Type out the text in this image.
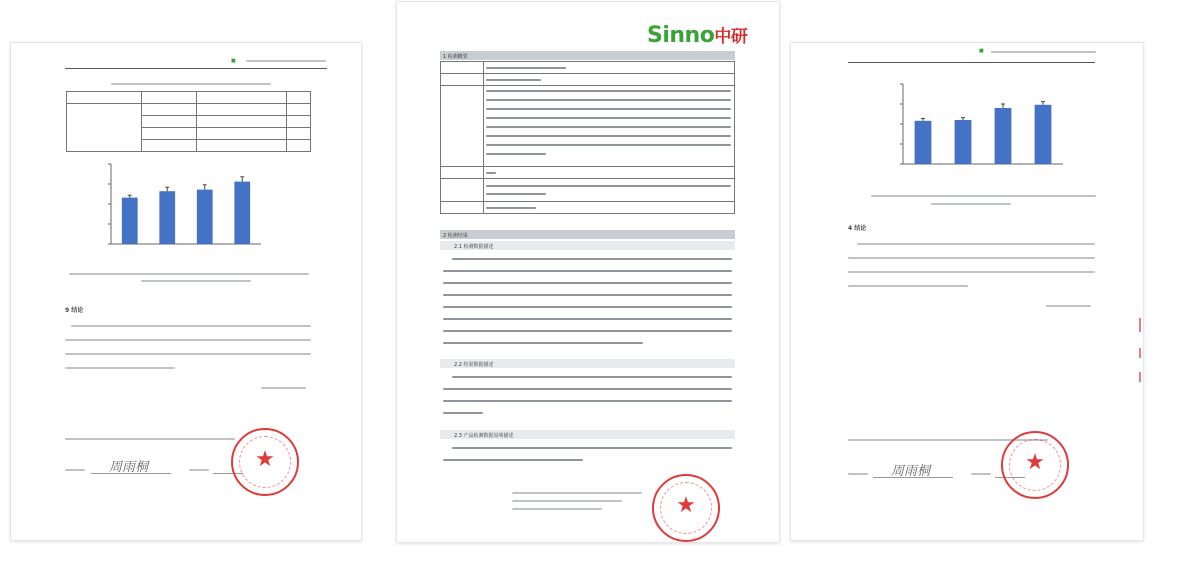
■

9 结论
周雨桐	★
Sinno中研
1 检测概要

2 检测结果
2.1 检测数据描述
2.2 结果数据描述
2.3 产品检测数据说明描述
★
■
4 结论
周雨桐	★
